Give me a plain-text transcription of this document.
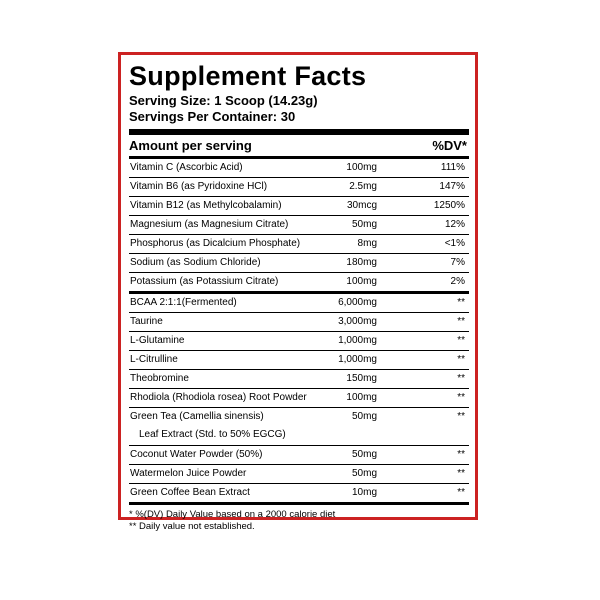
Supplement Facts
Serving Size: 1 Scoop (14.23g)
Servings Per Container: 30
Amount per serving	%DV*
Vitamin C (Ascorbic Acid)	100mg	111%
Vitamin B6 (as Pyridoxine HCl)	2.5mg	147%
Vitamin B12 (as Methylcobalamin)	30mcg	1250%
Magnesium (as Magnesium Citrate)	50mg	12%
Phosphorus (as Dicalcium Phosphate)	8mg	<1%
Sodium (as Sodium Chloride)	180mg	7%
Potassium (as Potassium Citrate)	100mg	2%
BCAA 2:1:1(Fermented)	6,000mg	**
Taurine	3,000mg	**
L-Glutamine	1,000mg	**
L-Citrulline	1,000mg	**
Theobromine	150mg	**
Rhodiola (Rhodiola rosea) Root Powder	100mg	**
Green Tea (Camellia sinensis)
Leaf Extract (Std. to 50% EGCG)
50mg	**
Coconut Water Powder (50%)	50mg	**
Watermelon Juice Powder	50mg	**
Green Coffee Bean Extract	10mg	**
* %(DV) Daily Value based on a 2000 calorie diet
** Daily value not established.
